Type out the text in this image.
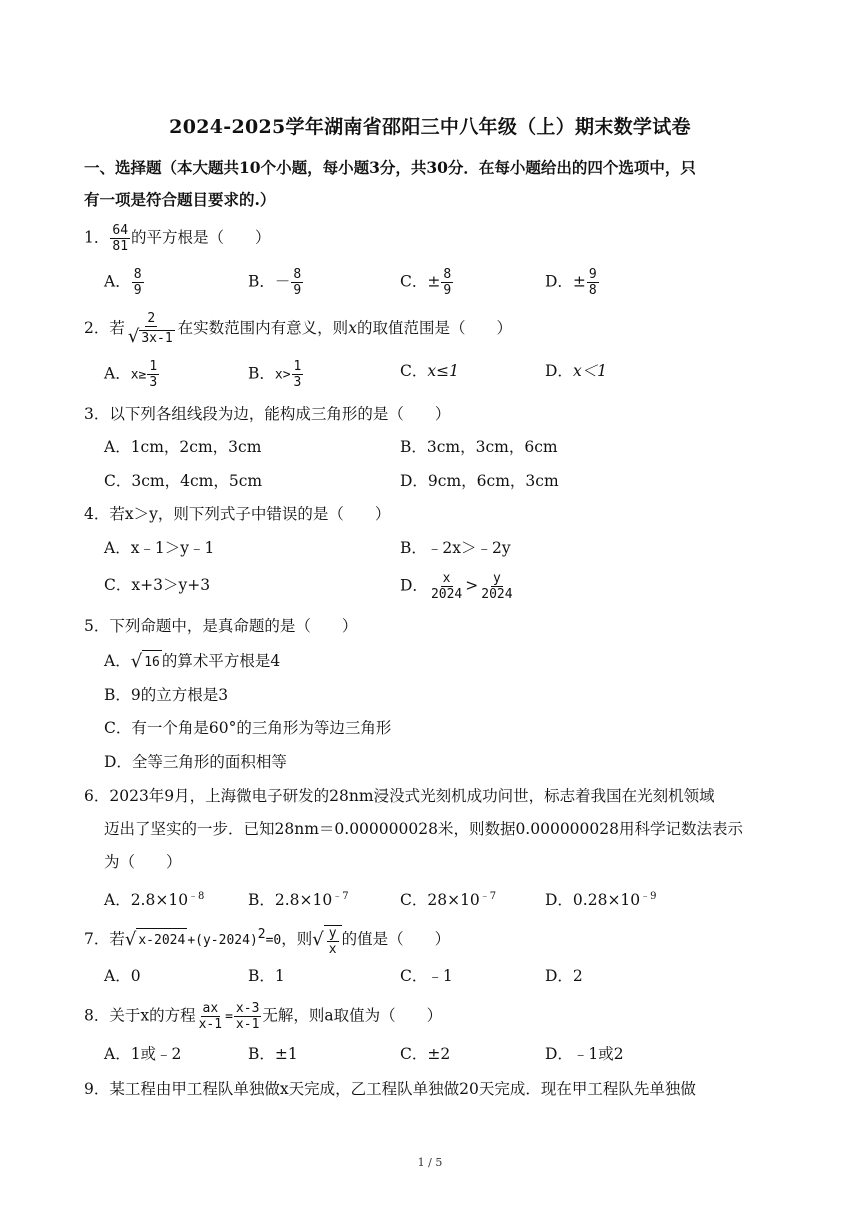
2024-2025学年湖南省邵阳三中八年级（上）期末数学试卷
一、选择题（本大题共10个小题，每小题3分，共30分．在每小题给出的四个选项中，只
有一项是符合题目要求的.）
1． $\frac{64}{81}$ 的平方根是（　　）
A． $\frac{8}{9}$	B．－ $\frac{8}{9}$	C．± $\frac{8}{9}$	D．± $\frac{9}{8}$
2．若 $\frac{2}{√ 3x-1}$ 在实数范围内有意义，则x的取值范围是（　　）
A．$x\ge \frac{1}{3}$	B．$x> \frac{1}{3}$	C．x≤1	D．x＜1
3．以下列各组线段为边，能构成三角形的是（　　）
A．1cm，2cm，3cm	B．3cm，3cm，6cm
C．3cm，4cm，5cm	D．9cm，6cm，3cm
4．若x＞y，则下列式子中错误的是（　　）
A．x﹣1＞y﹣1	B．﹣2x＞﹣2y
C．x+3＞y+3	D． $\frac{x}{2024} > \frac{y}{2024}$
5．下列命题中，是真命题的是（　　）
A． √ 16 的算术平方根是4
B．9的立方根是3
C．有一个角是60°的三角形为等边三角形
D．全等三角形的面积相等
6．2023年9月，上海微电子研发的28nm浸没式光刻机成功问世，标志着我国在光刻机领域
迈出了坚实的一步．已知28nm＝0.000000028米，则数据0.000000028用科学记数法表示
为（　　）
A．$2.8\times 10^{﹣8}$	B．$2.8\times 10^{﹣7}$	C．$28\times 10^{﹣7}$	D．$0.28\times 10^{﹣9}$
7．若 √ $x-2024 +(y-2024)^2=0$，则 √ $\frac{y}{x}$ 的值是（　　）
A．0	B．1	C．﹣1	D．2
8．关于x的方程 $\frac{ax}{x-1} = \frac{x-3}{x-1}$ 无解，则a取值为（　　）
A．1或﹣2	B．±1	C．±2	D．﹣1或2
9．某工程由甲工程队单独做x天完成，乙工程队单独做20天完成．现在甲工程队先单独做
1 / 5
